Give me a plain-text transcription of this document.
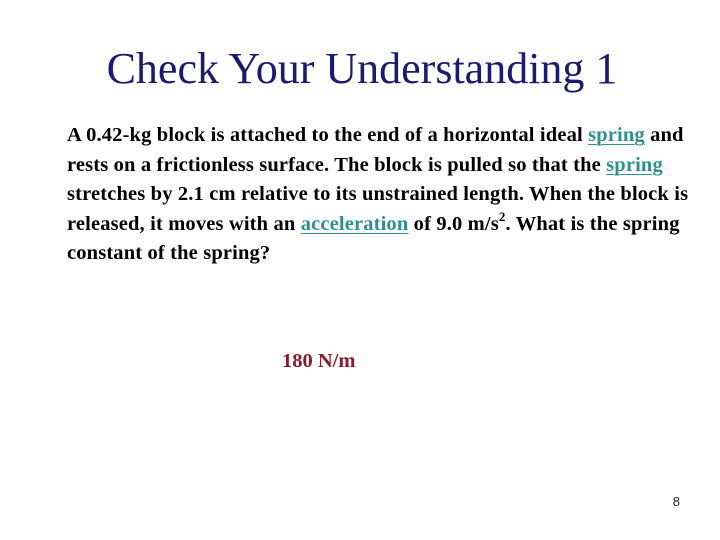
Check Your Understanding 1

A 0.42-kg block is attached to the end of a horizontal ideal spring and rests on a frictionless surface. The block is pulled so that the spring stretches by 2.1 cm relative to its unstrained length. When the block is released, it moves with an acceleration of 9.0 $m/s^2$. What is the spring constant of the spring?

180 N/m

8
